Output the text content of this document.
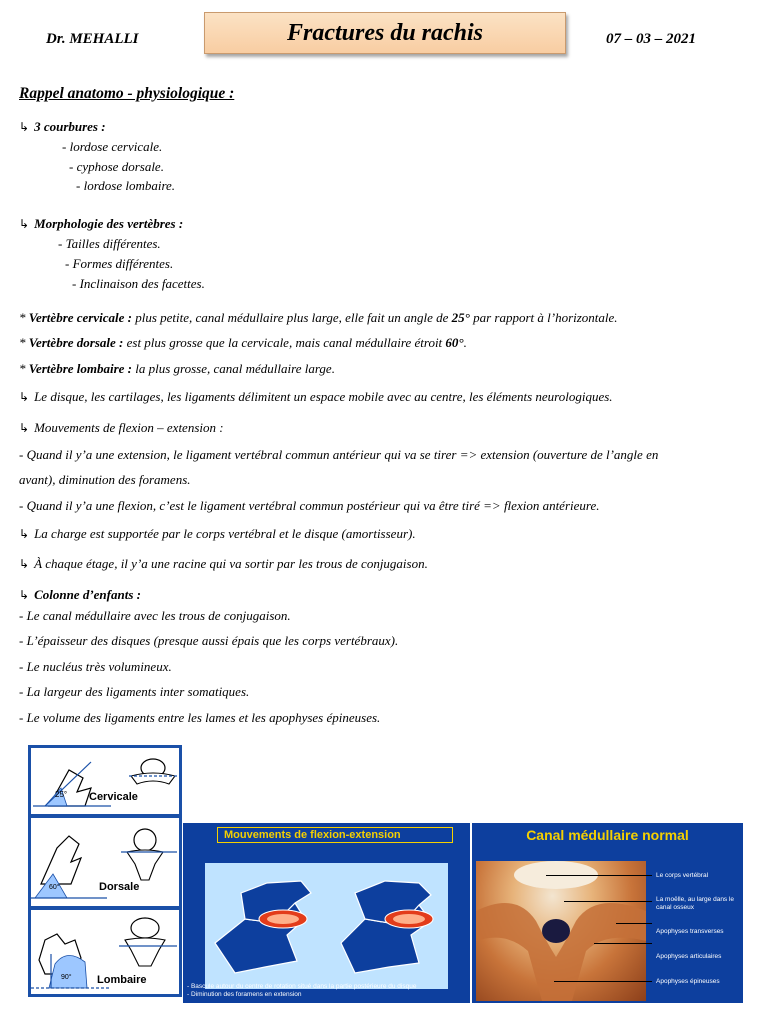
Dr. MEHALLI	Fractures du rachis	07 – 03 – 2021
Rappel anatomo - physiologique :
↳ 3 courbures :
- lordose cervicale.
- cyphose dorsale.
- lordose lombaire.
↳ Morphologie des vertèbres :
- Tailles différentes.
- Formes différentes.
- Inclinaison des facettes.
* Vertèbre cervicale : plus petite, canal médullaire plus large, elle fait un angle de 25° par rapport à l’horizontale.
* Vertèbre dorsale : est plus grosse que la cervicale, mais canal médullaire étroit 60°.
* Vertèbre lombaire : la plus grosse, canal médullaire large.
↳ Le disque, les cartilages, les ligaments délimitent un espace mobile avec au centre, les éléments neurologiques.
↳ Mouvements de flexion – extension :
- Quand il y’a une extension, le ligament vertébral commun antérieur qui va se tirer => extension (ouverture de l’angle en
avant), diminution des foramens.
- Quand il y’a une flexion, c’est le ligament vertébral commun postérieur qui va être tiré => flexion antérieure.
↳ La charge est supportée par le corps vertébral et le disque (amortisseur).
↳ À chaque étage, il y’a une racine qui va sortir par les trous de conjugaison.
↳ Colonne d’enfants :
- Le canal médullaire avec les trous de conjugaison.
- L’épaisseur des disques (presque aussi épais que les corps vertébraux).
- Le nucléus très volumineux.
- La largeur des ligaments inter somatiques.
- Le volume des ligaments entre les lames et les apophyses épineuses.
25° Cervicale
60°	Dorsale
90° Lombaire
Mouvements de flexion-extension
- Bascule autour du centre de rotation situé dans la partie postérieure du disque
- Diminution des foramens en extension
Canal médullaire normal
Le corps vertébral
La moëlle, au large dans le
canal osseux
Apophyses transverses
Apophyses articulaires
Apophyses épineuses
